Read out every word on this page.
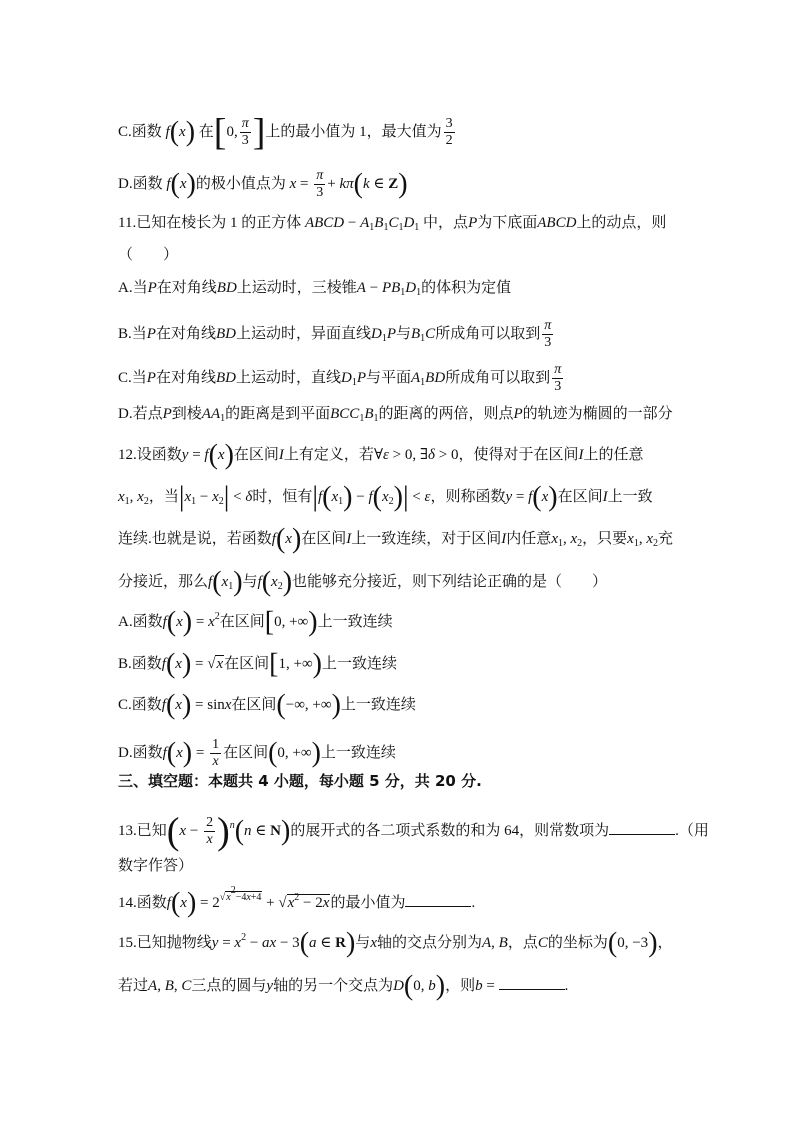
C.函数 f(x) 在[0, $\frac{\pi}{3}$ ]上的最小值为 1，最大值为 $\frac{3}{2}$
D.函数 f(x)的极小值点为 $x = \frac{\pi}{3} + k\pi(k$ ∈ Z)
11.已知在棱长为 1 的正方体 ABCD − $A_1B_1C_1D_1$ 中，点P为下底面ABCD上的动点，则
（　　）
A.当P在对角线BD上运动时，三棱锥$A - PB_1D_1$的体积为定值
B.当P在对角线BD上运动时，异面直线$D_1P$与$B_1C$所成角可以取到 $\frac{\pi}{3}$
C.当P在对角线BD上运动时，直线$D_1P$与平面$A_1BD$所成角可以取到 $\frac{\pi}{3}$
D.若点P到棱$AA_1$的距离是到平面$BCC_1B_1$的距离的两倍，则点P的轨迹为椭圆的一部分
12.设函数y = f(x)在区间I上有定义，若∀ε > 0, ∃δ > 0，使得对于在区间I上的任意
$x_1$, $x_2$，当$|x_1 - x_2| < \delta$时，恒有$|f(x_1) - f(x_2)| < \varepsilon$，则称函数y = f(x)在区间I上一致
连续.也就是说，若函数f(x)在区间I上一致连续，对于区间I内任意$x_1$, $x_2$，只要$x_1$, $x_2$充
分接近，那么$f(x_1)$与$f(x_2)$也能够充分接近，则下列结论正确的是（　　）
A.函数$f(x) = x^2$在区间[0, +∞)上一致连续
B.函数f(x) = √x在区间[1, +∞)上一致连续
C.函数f(x) = sinx在区间(−∞, +∞)上一致连续
D.函数$f(x) = \frac{1}{x}$ 在区间(0, +∞)上一致连续
三、填空题：本题共 4 小题，每小题 5 分，共 20 分.
13.已知$(x - \frac{2}{x} )^n(n$ ∈ N)的展开式的各二项式系数的和为 64，则常数项为	.（用
数字作答）
14.函数$f(x) = 2^{√x^2-4x+4} + √x^2 - 2x$的最小值为	.
15.已知抛物线$y = x^2$ − ax − 3(a ∈ R)与x轴的交点分别为A, B，点C的坐标为(0, −3)，
若过A, B, C三点的圆与y轴的另一个交点为D(0, b)，则b =	.
